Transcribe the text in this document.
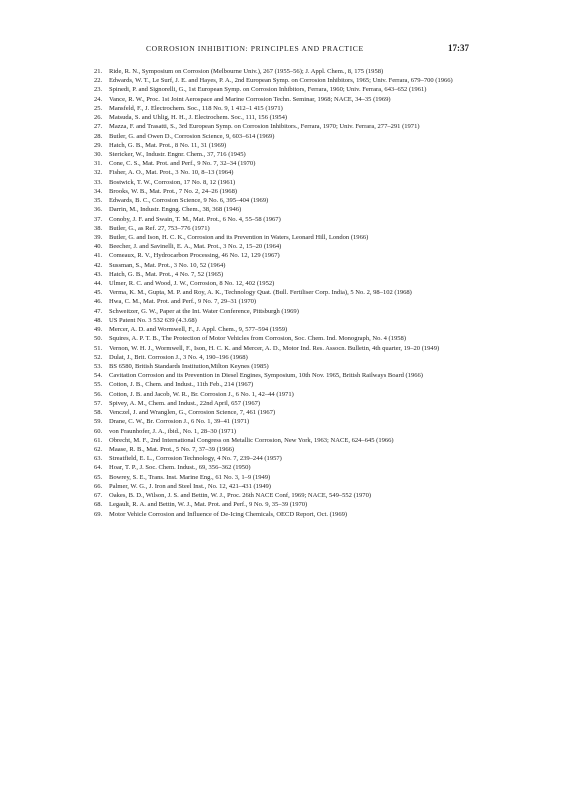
CORROSION INHIBITION: PRINCIPLES AND PRACTICE	17:37
21. Ride, R. N., Symposium on Corrosion (Melbourne Univ.), 267 (1955–56); J. Appl. Chem., 8, 175 (1958)
22. Edwards, W. T., Le Surf, J. E. and Hayes, P. A., 2nd European Symp. on Corrosion Inhibitors, 1965; Univ. Ferrara, 679–700 (1966)
23. Spinedi, P. and Signorelli, G., 1st European Symp. on Corrosion Inhibitors, Ferrara, 1960; Univ. Ferrara, 643–652 (1961)
24. Vance, R. W., Proc. 1st Joint Aerospace and Marine Corrosion Techn. Seminar, 1968; NACE, 34–35 (1969)
25. Mansfeld, F., J. Electrochem. Soc., 118 No. 9, 1 412–1 415 (1971)
26. Matsuda, S. and Uhlig, H. H., J. Electrochem. Soc., 111, 156 (1954)
27. Mazza, F. and Trasatti, S., 3rd European Symp. on Corrosion Inhibitors., Ferrara, 1970; Univ. Ferrara, 277–291 (1971)
28. Butler, G. and Owen D., Corrosion Science, 9, 603–614 (1969)
29. Hatch, G. B., Mat. Prot., 8 No. 11, 31 (1969)
30. Stericker, W., Industr. Engnr. Chem., 37, 716 (1945)
31. Cone, C. S., Mat. Prot. and Perf., 9 No. 7, 32–34 (1970)
32. Fisher, A. O., Mat. Prot., 3 No. 10, 8–13 (1964)
33. Bostwick, T. W., Corrosion, 17 No. 8, 12 (1961)
34. Brooks, W. B., Mat. Prot., 7 No. 2, 24–26 (1968)
35. Edwards, B. C., Corrosion Science, 9 No. 6, 395–404 (1969)
36. Darrin, M., Industr. Engng. Chem., 38, 368 (1946)
37. Conoby, J. F. and Swain, T. M., Mat. Prot., 6 No. 4, 55–58 (1967)
38. Butler, G., as Ref. 27, 753–776 (1971)
39. Butler, G. and Ison, H. C. K., Corrosion and its Prevention in Waters, Leonard Hill, London (1966)
40. Beecher, J. and Savinelli, E. A., Mat. Prot., 3 No. 2, 15–20 (1964)
41. Comeaux, R. V., Hydrocarbon Processing, 46 No. 12, 129 (1967)
42. Sussman, S., Mat. Prot., 3 No. 10, 52 (1964)
43. Hatch, G. B., Mat. Prot., 4 No. 7, 52 (1965)
44. Ulmer, R. C. and Wood, J. W., Corrosion, 8 No. 12, 402 (1952)
45. Verma, K. M., Gupta, M. P. and Roy, A. K., Technology Quat. (Bull. Fertiliser Corp. India), 5 No. 2, 98–102 (1968)
46. Hwa, C. M., Mat. Prot. and Perf., 9 No. 7, 29–31 (1970)
47. Schweitzer, G. W., Paper at the Int. Water Conference, Pittsburgh (1969)
48. US Patent No. 3 532 639 (4.3.68)
49. Mercer, A. D. and Wormwell, F., J. Appl. Chem., 9, 577–594 (1959)
50. Squires, A. P. T. B., The Protection of Motor Vehicles from Corrosion, Soc. Chem. Ind. Monograph, No. 4 (1958)
51. Vernon, W. H. J., Wormwell, F., Ison, H. C. K. and Mercer, A. D., Motor Ind. Res. Assocn. Bulletin, 4th quarter, 19–20 (1949)
52. Dulat, J., Brit. Corrosion J., 3 No. 4, 190–196 (1968)
53. BS 6580, British Standards Institution,Milton Keynes (1985)
54. Cavitation Corrosion and its Prevention in Diesel Engines, Symposium, 10th Nov. 1965, British Railways Board (1966)
55. Cotton, J. B., Chem. and Indust., 11th Feb., 214 (1967)
56. Cotton, J. B. and Jacob, W. R., Br. Corrosion J., 6 No. 1, 42–44 (1971)
57. Spivey, A. M., Chem. and Indust., 22nd April, 657 (1967)
58. Venczel, J. and Wranglen, G., Corrosion Science, 7, 461 (1967)
59. Drane, C. W., Br. Corrosion J., 6 No. 1, 39–41 (1971)
60. von Fraunhofer, J. A., ibid., No. 1, 28–30 (1971)
61. Obrecht, M. F., 2nd International Congress on Metallic Corrosion, New York, 1963; NACE, 624–645 (1966)
62. Maase, R. B., Mat. Prot., 5 No. 7, 37–39 (1966)
63. Streatfield, E. L., Corrosion Technology, 4 No. 7, 239–244 (1957)
64. Hoar, T. P., J. Soc. Chem. Indust., 69, 356–362 (1950)
65. Bowrey, S. E., Trans. Inst. Marine Eng., 61 No. 3, 1–9 (1949)
66. Palmer, W. G., J. Iron and Steel Inst., No. 12, 421–431 (1949)
67. Oakes, B. D., Wilson, J. S. and Bettin, W. J., Proc. 26th NACE Conf, 1969; NACE, 549–552 (1970)
68. Legault, R. A. and Bettin, W. J., Mat. Prot. and Perf., 9 No. 9, 35–39 (1970)
69. Motor Vehicle Corrosion and Influence of De-Icing Chemicals, OECD Report, Oct. (1969)
